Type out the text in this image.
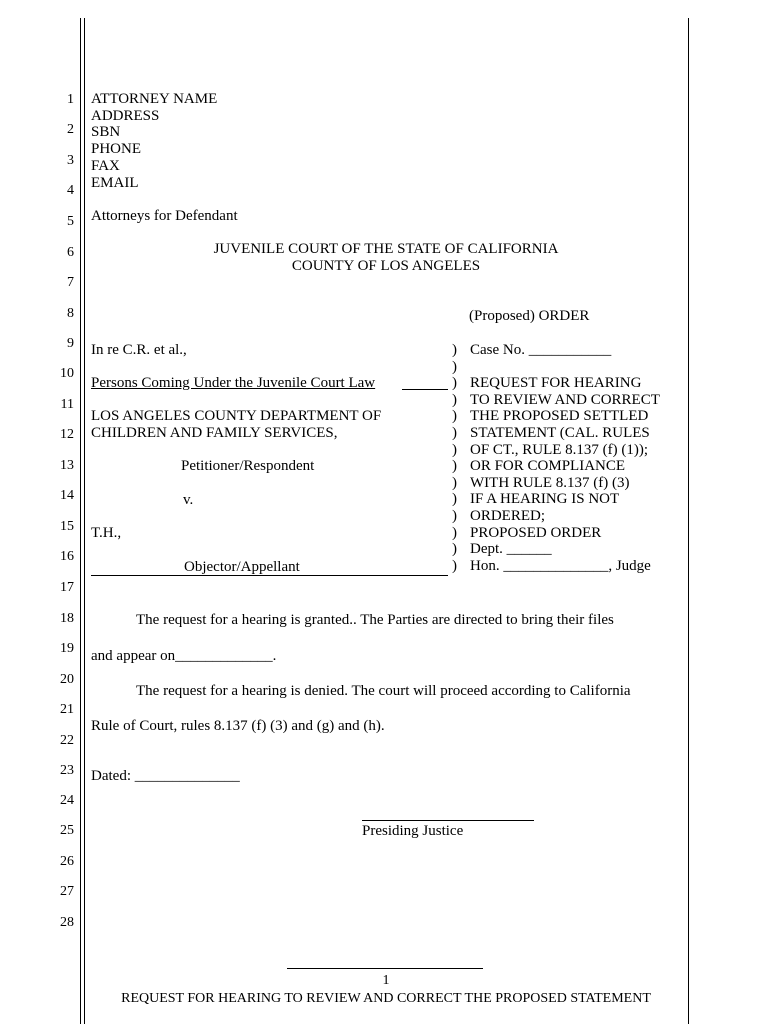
1
2
3
4
5
6
7
8
9
10
11
12
13
14
15
16
17
18
19
20
21
22
23
24
25
26
27
28
ATTORNEY NAME
ADDRESS
SBN
PHONE
FAX
EMAIL
Attorneys for Defendant
JUVENILE COURT OF THE STATE OF CALIFORNIA
COUNTY OF LOS ANGELES
(Proposed) ORDER
In re C.R. et al.,
Persons Coming Under the Juvenile Court Law
LOS ANGELES COUNTY DEPARTMENT OF
CHILDREN AND FAMILY SERVICES,
Petitioner/Respondent
v.
T.H.,
Objector/Appellant
)
)
)
)
)
)
)
)
)
)
)
)
)
)
Case No. ___________
REQUEST FOR HEARING
TO REVIEW AND CORRECT
THE PROPOSED SETTLED
STATEMENT (CAL. RULES
OF CT., RULE 8.137 (f) (1));
OR FOR COMPLIANCE
WITH RULE 8.137 (f) (3)
IF A HEARING IS NOT
ORDERED;
PROPOSED ORDER
Dept. ______
Hon. ______________, Judge
The request for a hearing is granted.. The Parties are directed to bring their files
and appear on_____________.
The request for a hearing is denied. The court will proceed according to California
Rule of Court, rules 8.137 (f) (3) and (g) and (h).
Dated: ______________
Presiding Justice
1
REQUEST FOR HEARING TO REVIEW AND CORRECT THE PROPOSED STATEMENT
